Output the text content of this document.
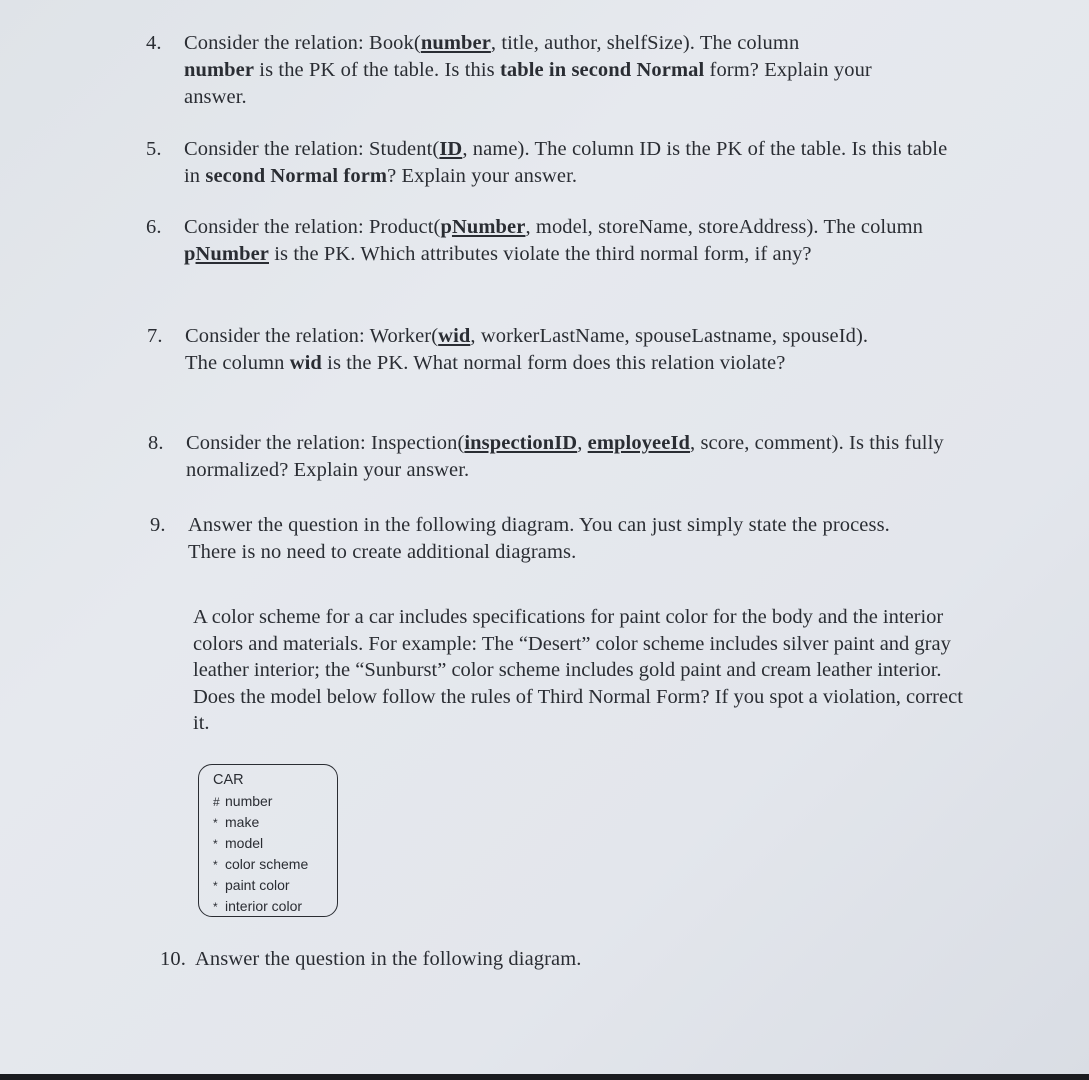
4. Consider the relation: Book(number, title, author, shelfSize). The column
number is the PK of the table. Is this table in second Normal form? Explain your answer.
5. Consider the relation: Student(ID, name). The column ID is the PK of the table. Is this table in second Normal form? Explain your answer.
6. Consider the relation: Product(pNumber, model, storeName, storeAddress). The column pNumber is the PK. Which attributes violate the third normal form, if any?
7. Consider the relation: Worker(wid, workerLastName, spouseLastname, spouseId). The column wid is the PK. What normal form does this relation violate?
8. Consider the relation: Inspection(inspectionID, employeeId, score, comment). Is this fully normalized? Explain your answer.
9. Answer the question in the following diagram. You can just simply state the process. There is no need to create additional diagrams.
A color scheme for a car includes specifications for paint color for the body and the interior colors and materials. For example: The “Desert” color scheme includes silver paint and gray leather interior; the “Sunburst” color scheme includes gold paint and cream leather interior. Does the model below follow the rules of Third Normal Form? If you spot a violation, correct it.
CAR
# number
* make
* model
* color scheme
* paint color
* interior color
10. Answer the question in the following diagram.
